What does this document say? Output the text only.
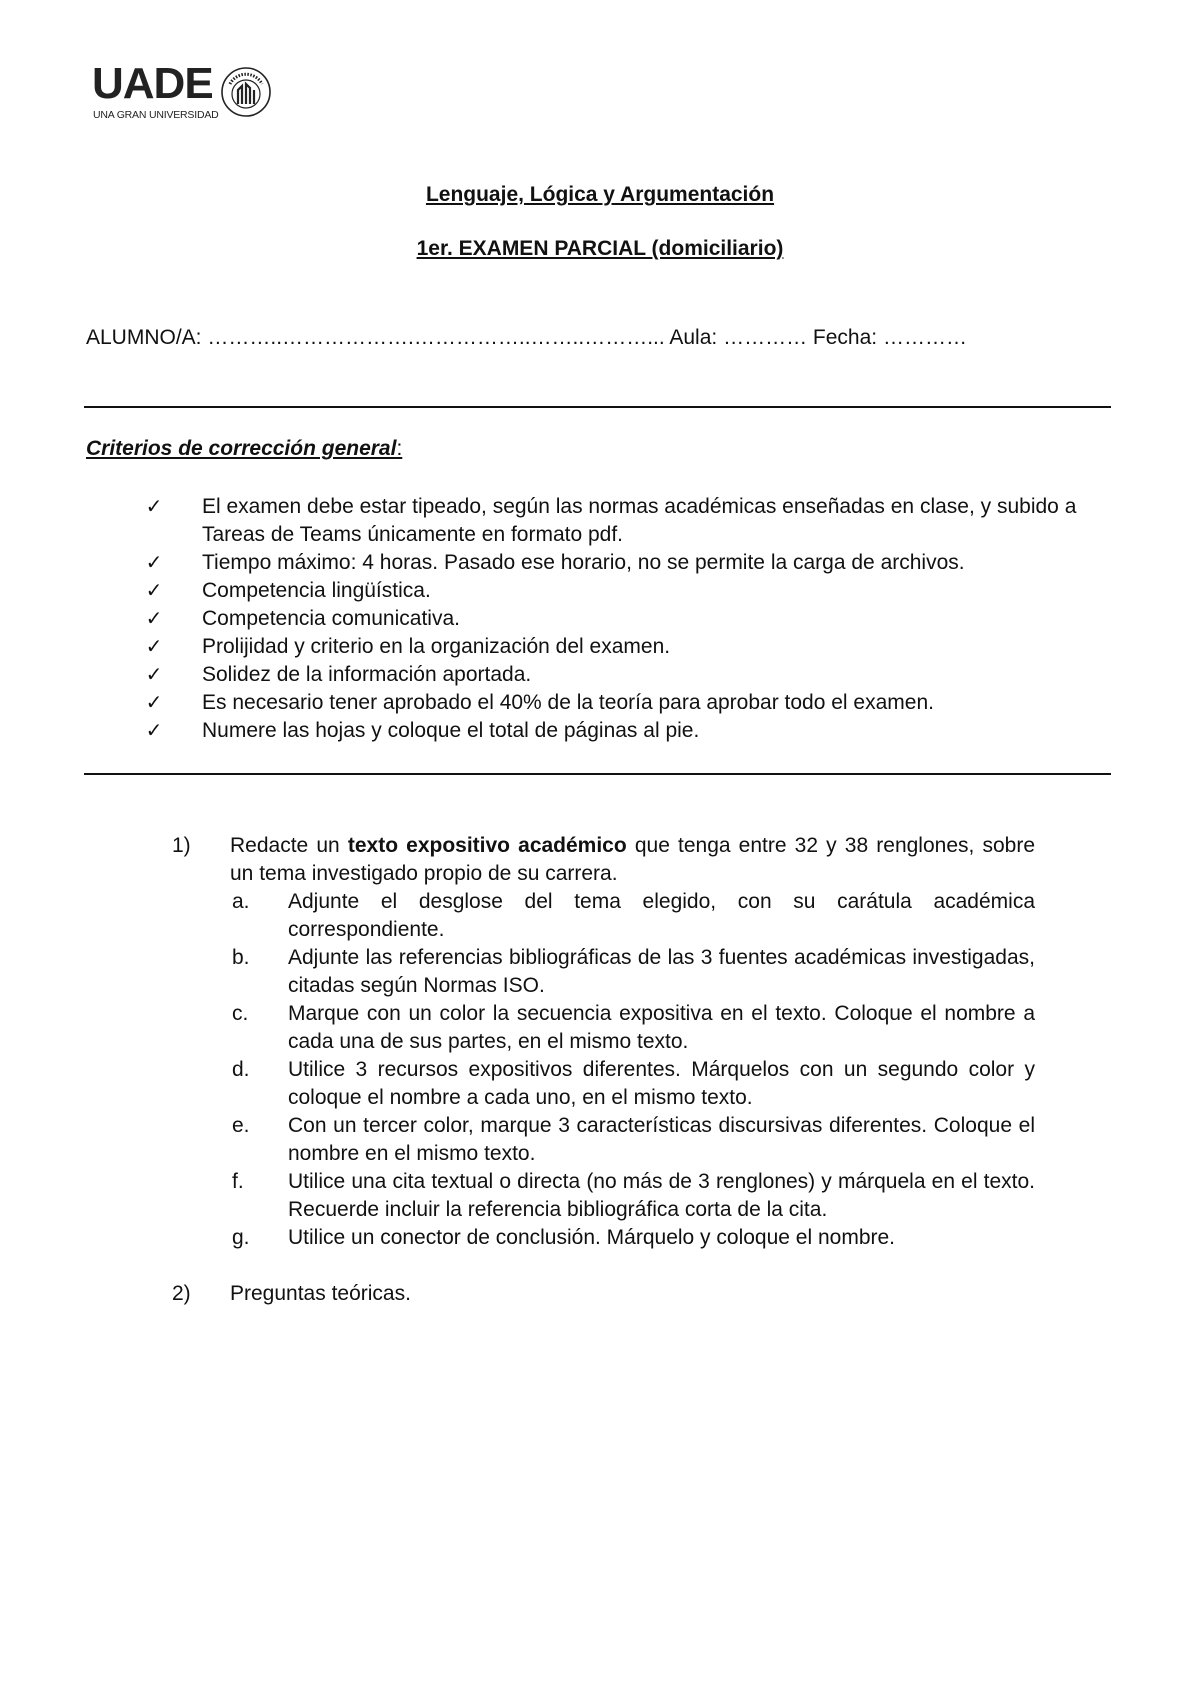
UADE
UNA GRAN UNIVERSIDAD
Lenguaje, Lógica y Argumentación
1er. EXAMEN PARCIAL (domiciliario)
ALUMNO/A: ………..……………….……………..……..………... Aula: ………… Fecha: …………
Criterios de corrección general:
✓ El examen debe estar tipeado, según las normas académicas enseñadas en clase, y subido a Tareas de Teams únicamente en formato pdf.
✓ Tiempo máximo: 4 horas. Pasado ese horario, no se permite la carga de archivos.
✓ Competencia lingüística.
✓ Competencia comunicativa.
✓ Prolijidad y criterio en la organización del examen.
✓ Solidez de la información aportada.
✓ Es necesario tener aprobado el 40% de la teoría para aprobar todo el examen.
✓ Numere las hojas y coloque el total de páginas al pie.
1) Redacte un texto expositivo académico que tenga entre 32 y 38 renglones, sobre un tema investigado propio de su carrera.
a. Adjunte el desglose del tema elegido, con su carátula académica correspondiente.
b. Adjunte las referencias bibliográficas de las 3 fuentes académicas investigadas, citadas según Normas ISO.
c. Marque con un color la secuencia expositiva en el texto. Coloque el nombre a cada una de sus partes, en el mismo texto.
d. Utilice 3 recursos expositivos diferentes. Márquelos con un segundo color y coloque el nombre a cada uno, en el mismo texto.
e. Con un tercer color, marque 3 características discursivas diferentes. Coloque el nombre en el mismo texto.
f. Utilice una cita textual o directa (no más de 3 renglones) y márquela en el texto. Recuerde incluir la referencia bibliográfica corta de la cita.
g. Utilice un conector de conclusión. Márquelo y coloque el nombre.
2) Preguntas teóricas.
